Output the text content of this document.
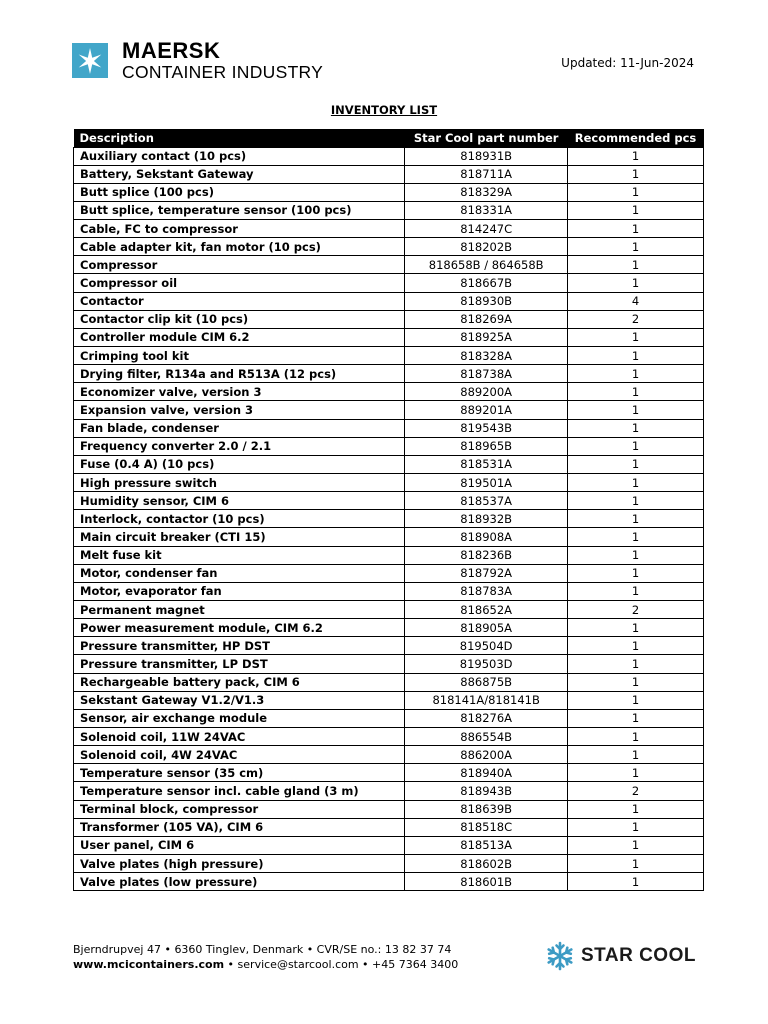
MAERSK
CONTAINER INDUSTRY	Updated: 11-Jun-2024
INVENTORY LIST
Description	Star Cool part number	Recommended pcs
Auxiliary contact (10 pcs)	818931B	1
Battery, Sekstant Gateway	818711A	1
Butt splice (100 pcs)	818329A	1
Butt splice, temperature sensor (100 pcs)	818331A	1
Cable, FC to compressor	814247C	1
Cable adapter kit, fan motor (10 pcs)	818202B	1
Compressor	818658B / 864658B	1
Compressor oil	818667B	1
Contactor	818930B	4
Contactor clip kit (10 pcs)	818269A	2
Controller module CIM 6.2	818925A	1
Crimping tool kit	818328A	1
Drying filter, R134a and R513A (12 pcs)	818738A	1
Economizer valve, version 3	889200A	1
Expansion valve, version 3	889201A	1
Fan blade, condenser	819543B	1
Frequency converter 2.0 / 2.1	818965B	1
Fuse (0.4 A) (10 pcs)	818531A	1
High pressure switch	819501A	1
Humidity sensor, CIM 6	818537A	1
Interlock, contactor (10 pcs)	818932B	1
Main circuit breaker (CTI 15)	818908A	1
Melt fuse kit	818236B	1
Motor, condenser fan	818792A	1
Motor, evaporator fan	818783A	1
Permanent magnet	818652A	2
Power measurement module, CIM 6.2	818905A	1
Pressure transmitter, HP DST	819504D	1
Pressure transmitter, LP DST	819503D	1
Rechargeable battery pack, CIM 6	886875B	1
Sekstant Gateway V1.2/V1.3	818141A/818141B	1
Sensor, air exchange module	818276A	1
Solenoid coil, 11W 24VAC	886554B	1
Solenoid coil, 4W 24VAC	886200A	1
Temperature sensor (35 cm)	818940A	1
Temperature sensor incl. cable gland (3 m)	818943B	2
Terminal block, compressor	818639B	1
Transformer (105 VA), CIM 6	818518C	1
User panel, CIM 6	818513A	1
Valve plates (high pressure)	818602B	1
Valve plates (low pressure)	818601B	1
Bjerndrupvej 47 • 6360 Tinglev, Denmark • CVR/SE no.: 13 82 37 74
www.mcicontainers.com • service@starcool.com • +45 7364 3400	STAR COOL
